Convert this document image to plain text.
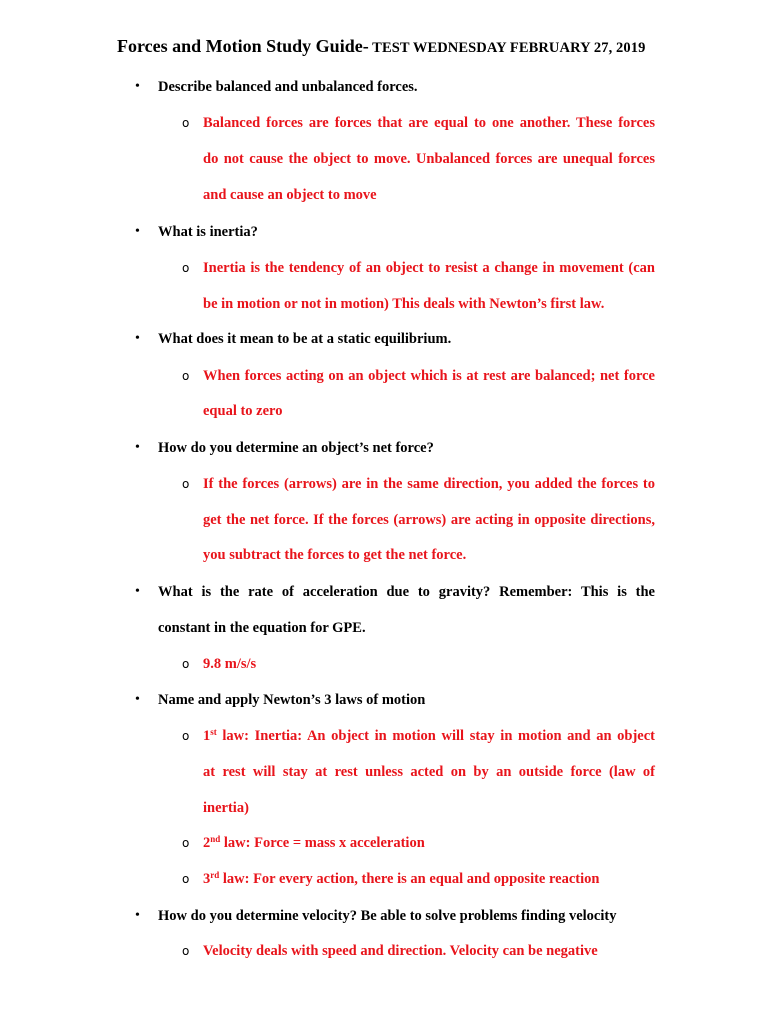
Forces and Motion Study Guide- TEST WEDNESDAY FEBRUARY 27, 2019
• Describe balanced and unbalanced forces.
o Balanced forces are forces that are equal to one another. These forces
do not cause the object to move. Unbalanced forces are unequal forces
and cause an object to move
• What is inertia?
o Inertia is the tendency of an object to resist a change in movement (can
be in motion or not in motion) This deals with Newton’s first law.
• What does it mean to be at a static equilibrium.
o When forces acting on an object which is at rest are balanced; net force
equal to zero
• How do you determine an object’s net force?
o If the forces (arrows) are in the same direction, you added the forces to
get the net force. If the forces (arrows) are acting in opposite directions,
you subtract the forces to get the net force.
• What is the rate of acceleration due to gravity? Remember: This is the
constant in the equation for GPE.
o 9.8 m/s/s
• Name and apply Newton’s 3 laws of motion
o 1st law: Inertia: An object in motion will stay in motion and an object
at rest will stay at rest unless acted on by an outside force (law of
inertia)
o 2nd law: Force = mass x acceleration
o 3rd law: For every action, there is an equal and opposite reaction
• How do you determine velocity? Be able to solve problems finding velocity
o Velocity deals with speed and direction. Velocity can be negative
